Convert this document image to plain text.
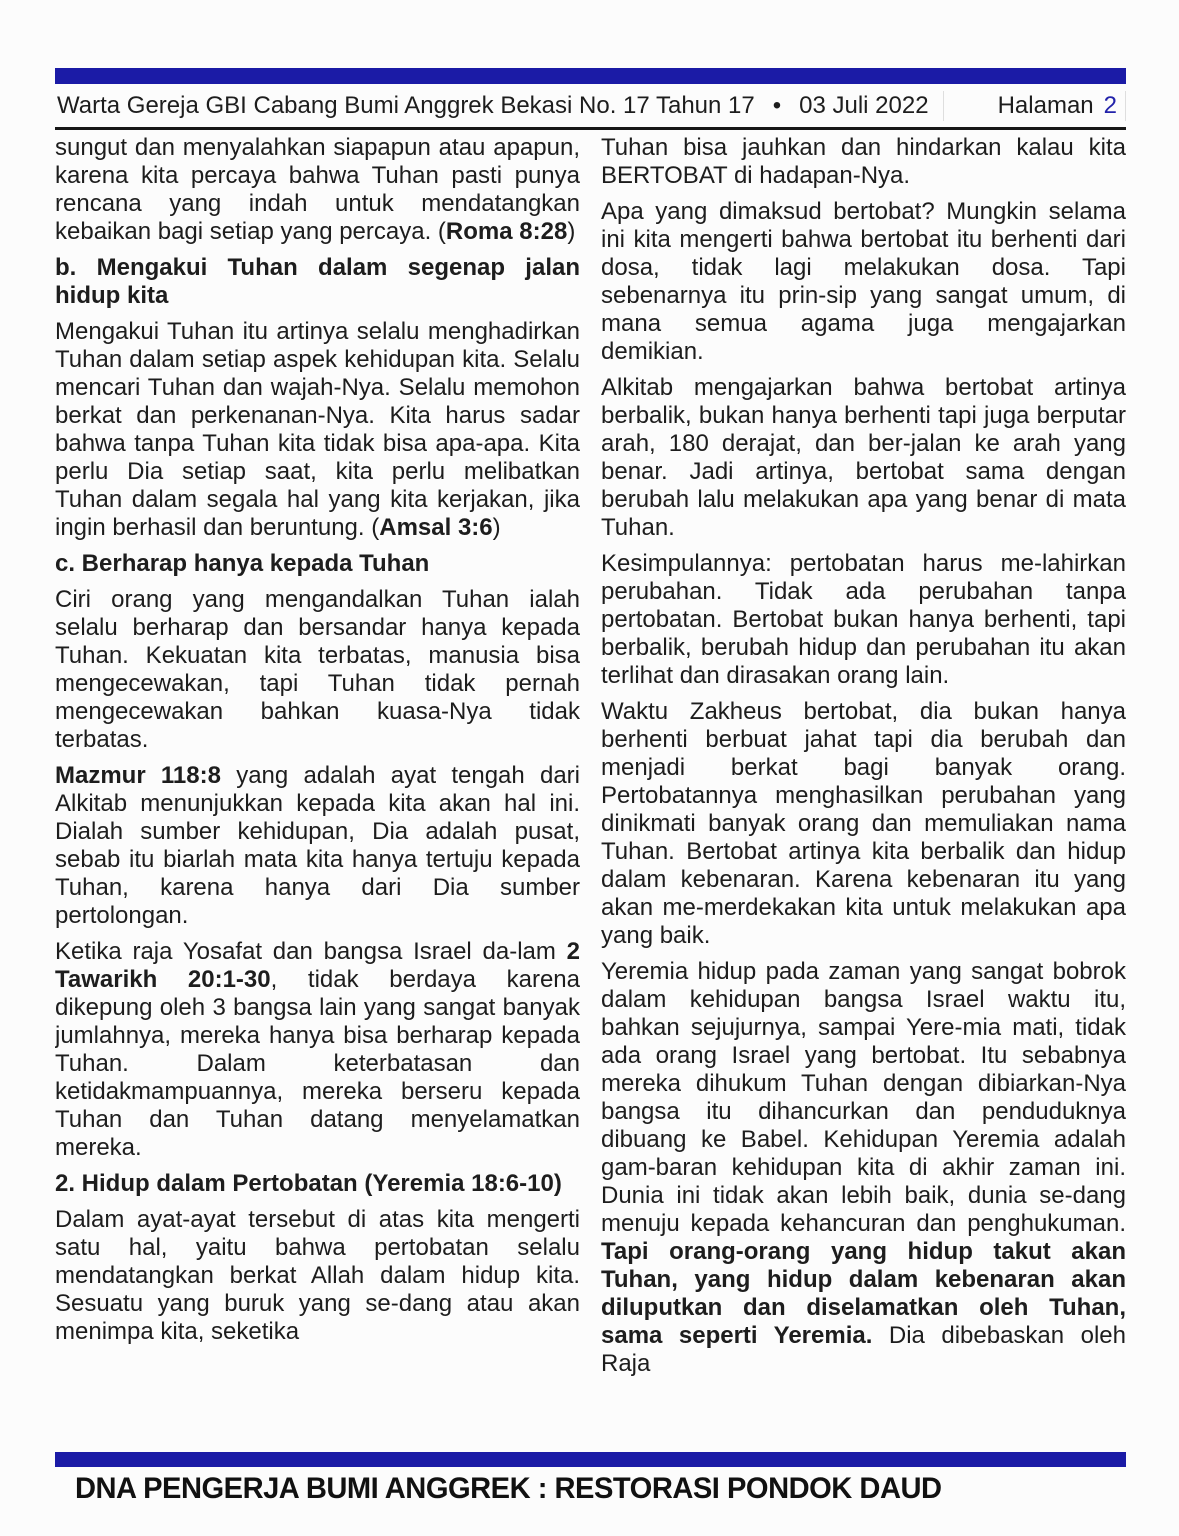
Warta Gereja GBI Cabang Bumi Anggrek Bekasi No. 17 Tahun 17 • 03 Juli 2022	Halaman 2

sungut dan menyalahkan siapapun atau apapun, karena kita percaya bahwa Tuhan pasti punya rencana yang indah untuk mendatangkan kebaikan bagi setiap yang percaya. (Roma 8:28)

b. Mengakui Tuhan dalam segenap jalan hidup kita

Mengakui Tuhan itu artinya selalu menghadirkan Tuhan dalam setiap aspek kehidupan kita. Selalu mencari Tuhan dan wajah-Nya. Selalu memohon berkat dan perkenanan-Nya. Kita harus sadar bahwa tanpa Tuhan kita tidak bisa apa-apa. Kita perlu Dia setiap saat, kita perlu melibatkan Tuhan dalam segala hal yang kita kerjakan, jika ingin berhasil dan beruntung. (Amsal 3:6)

c. Berharap hanya kepada Tuhan

Ciri orang yang mengandalkan Tuhan ialah selalu berharap dan bersandar hanya kepada Tuhan. Kekuatan kita terbatas, manusia bisa mengecewakan, tapi Tuhan tidak pernah mengecewakan bahkan kuasa-Nya tidak terbatas.

Mazmur 118:8 yang adalah ayat tengah dari Alkitab menunjukkan kepada kita akan hal ini. Dialah sumber kehidupan, Dia adalah pusat, sebab itu biarlah mata kita hanya tertuju kepada Tuhan, karena hanya dari Dia sumber pertolongan.

Ketika raja Yosafat dan bangsa Israel da-lam 2 Tawarikh 20:1-30, tidak berdaya karena dikepung oleh 3 bangsa lain yang sangat banyak jumlahnya, mereka hanya bisa berharap kepada Tuhan. Dalam keterbatasan dan ketidakmampuannya, mereka berseru kepada Tuhan dan Tuhan datang menyelamatkan mereka.

2. Hidup dalam Pertobatan (Yeremia 18:6-10)

Dalam ayat-ayat tersebut di atas kita mengerti satu hal, yaitu bahwa pertobatan selalu mendatangkan berkat Allah dalam hidup kita. Sesuatu yang buruk yang se-dang atau akan menimpa kita, seketika

Tuhan bisa jauhkan dan hindarkan kalau kita BERTOBAT di hadapan-Nya.

Apa yang dimaksud bertobat? Mungkin selama ini kita mengerti bahwa bertobat itu berhenti dari dosa, tidak lagi melakukan dosa. Tapi sebenarnya itu prin-sip yang sangat umum, di mana semua agama juga mengajarkan demikian.

Alkitab mengajarkan bahwa bertobat artinya berbalik, bukan hanya berhenti tapi juga berputar arah, 180 derajat, dan ber-jalan ke arah yang benar. Jadi artinya, bertobat sama dengan berubah lalu melakukan apa yang benar di mata Tuhan.

Kesimpulannya: pertobatan harus me-lahirkan perubahan. Tidak ada perubahan tanpa pertobatan. Bertobat bukan hanya berhenti, tapi berbalik, berubah hidup dan perubahan itu akan terlihat dan dirasakan orang lain.

Waktu Zakheus bertobat, dia bukan hanya berhenti berbuat jahat tapi dia berubah dan menjadi berkat bagi banyak orang. Pertobatannya menghasilkan perubahan yang dinikmati banyak orang dan memuliakan nama Tuhan. Bertobat artinya kita berbalik dan hidup dalam kebenaran. Karena kebenaran itu yang akan me-merdekakan kita untuk melakukan apa yang baik.

Yeremia hidup pada zaman yang sangat bobrok dalam kehidupan bangsa Israel waktu itu, bahkan sejujurnya, sampai Yere-mia mati, tidak ada orang Israel yang bertobat. Itu sebabnya mereka dihukum Tuhan dengan dibiarkan-Nya bangsa itu dihancurkan dan penduduknya dibuang ke Babel. Kehidupan Yeremia adalah gam-baran kehidupan kita di akhir zaman ini. Dunia ini tidak akan lebih baik, dunia se-dang menuju kepada kehancuran dan penghukuman. Tapi orang-orang yang hidup takut akan Tuhan, yang hidup dalam kebenaran akan diluputkan dan diselamatkan oleh Tuhan, sama seperti Yeremia. Dia dibebaskan oleh Raja

DNA PENGERJA BUMI ANGGREK : RESTORASI PONDOK DAUD
